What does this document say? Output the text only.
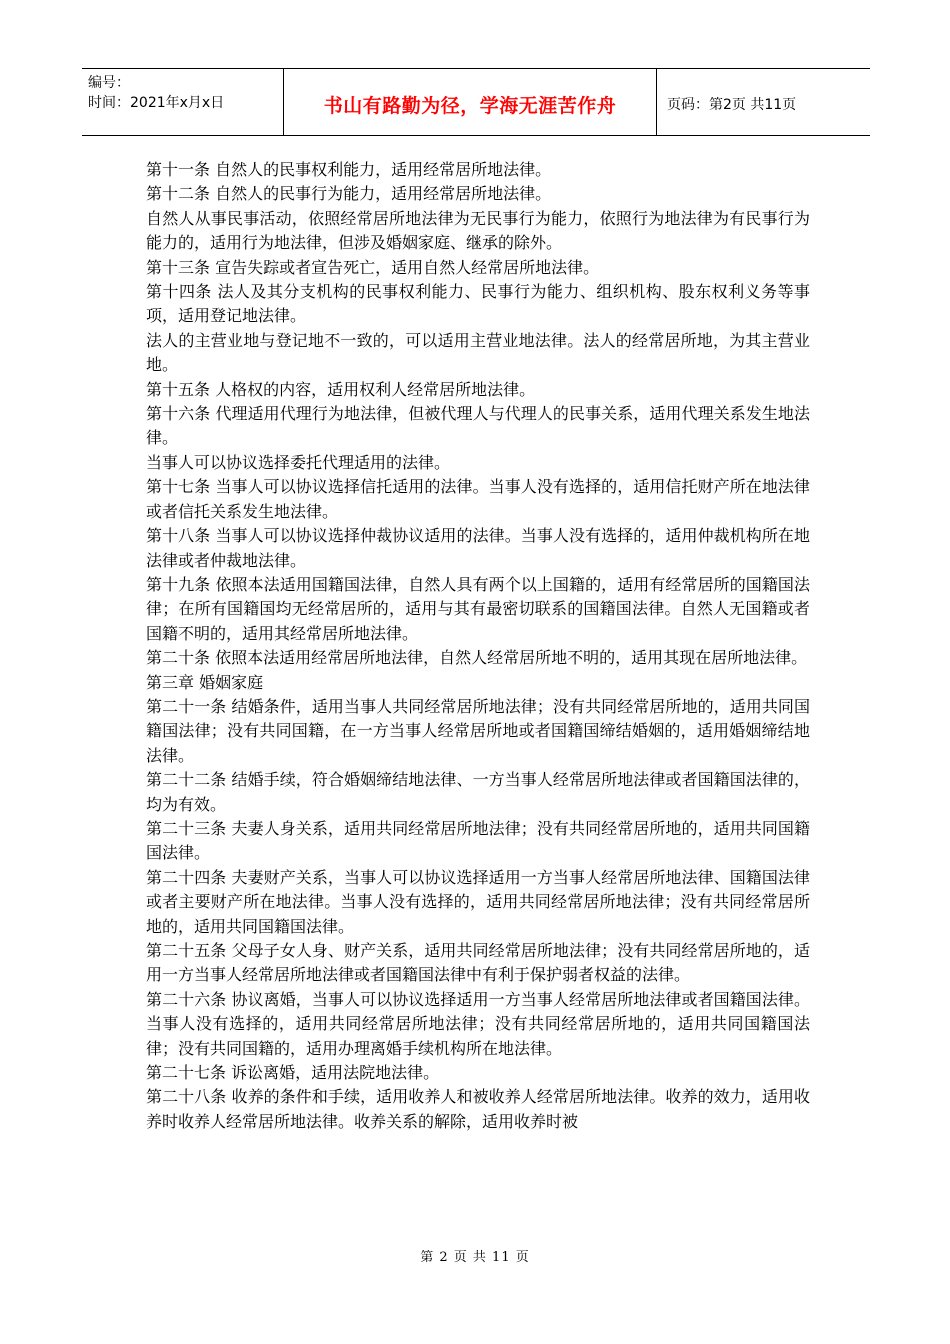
编号：
时间：2021年x月x日	书山有路勤为径，学海无涯苦作舟	页码：第2页 共11页

第十一条 自然人的民事权利能力，适用经常居所地法律。

第十二条 自然人的民事行为能力，适用经常居所地法律。

自然人从事民事活动，依照经常居所地法律为无民事行为能力，依照行为地法律为有民事行为能力的，适用行为地法律，但涉及婚姻家庭、继承的除外。

第十三条 宣告失踪或者宣告死亡，适用自然人经常居所地法律。

第十四条 法人及其分支机构的民事权利能力、民事行为能力、组织机构、股东权利义务等事项，适用登记地法律。

法人的主营业地与登记地不一致的，可以适用主营业地法律。法人的经常居所地，为其主营业地。

第十五条 人格权的内容，适用权利人经常居所地法律。

第十六条 代理适用代理行为地法律，但被代理人与代理人的民事关系，适用代理关系发生地法律。

当事人可以协议选择委托代理适用的法律。

第十七条 当事人可以协议选择信托适用的法律。当事人没有选择的，适用信托财产所在地法律或者信托关系发生地法律。

第十八条 当事人可以协议选择仲裁协议适用的法律。当事人没有选择的，适用仲裁机构所在地法律或者仲裁地法律。

第十九条 依照本法适用国籍国法律，自然人具有两个以上国籍的，适用有经常居所的国籍国法律；在所有国籍国均无经常居所的，适用与其有最密切联系的国籍国法律。自然人无国籍或者国籍不明的，适用其经常居所地法律。

第二十条 依照本法适用经常居所地法律，自然人经常居所地不明的，适用其现在居所地法律。

第三章 婚姻家庭

第二十一条 结婚条件，适用当事人共同经常居所地法律；没有共同经常居所地的，适用共同国籍国法律；没有共同国籍，在一方当事人经常居所地或者国籍国缔结婚姻的，适用婚姻缔结地法律。

第二十二条 结婚手续，符合婚姻缔结地法律、一方当事人经常居所地法律或者国籍国法律的，均为有效。

第二十三条 夫妻人身关系，适用共同经常居所地法律；没有共同经常居所地的，适用共同国籍国法律。

第二十四条 夫妻财产关系，当事人可以协议选择适用一方当事人经常居所地法律、国籍国法律或者主要财产所在地法律。当事人没有选择的，适用共同经常居所地法律；没有共同经常居所地的，适用共同国籍国法律。

第二十五条 父母子女人身、财产关系，适用共同经常居所地法律；没有共同经常居所地的，适用一方当事人经常居所地法律或者国籍国法律中有利于保护弱者权益的法律。

第二十六条 协议离婚，当事人可以协议选择适用一方当事人经常居所地法律或者国籍国法律。当事人没有选择的，适用共同经常居所地法律；没有共同经常居所地的，适用共同国籍国法律；没有共同国籍的，适用办理离婚手续机构所在地法律。

第二十七条 诉讼离婚，适用法院地法律。

第二十八条 收养的条件和手续，适用收养人和被收养人经常居所地法律。收养的效力，适用收养时收养人经常居所地法律。收养关系的解除，适用收养时被

第 2 页 共 11 页
